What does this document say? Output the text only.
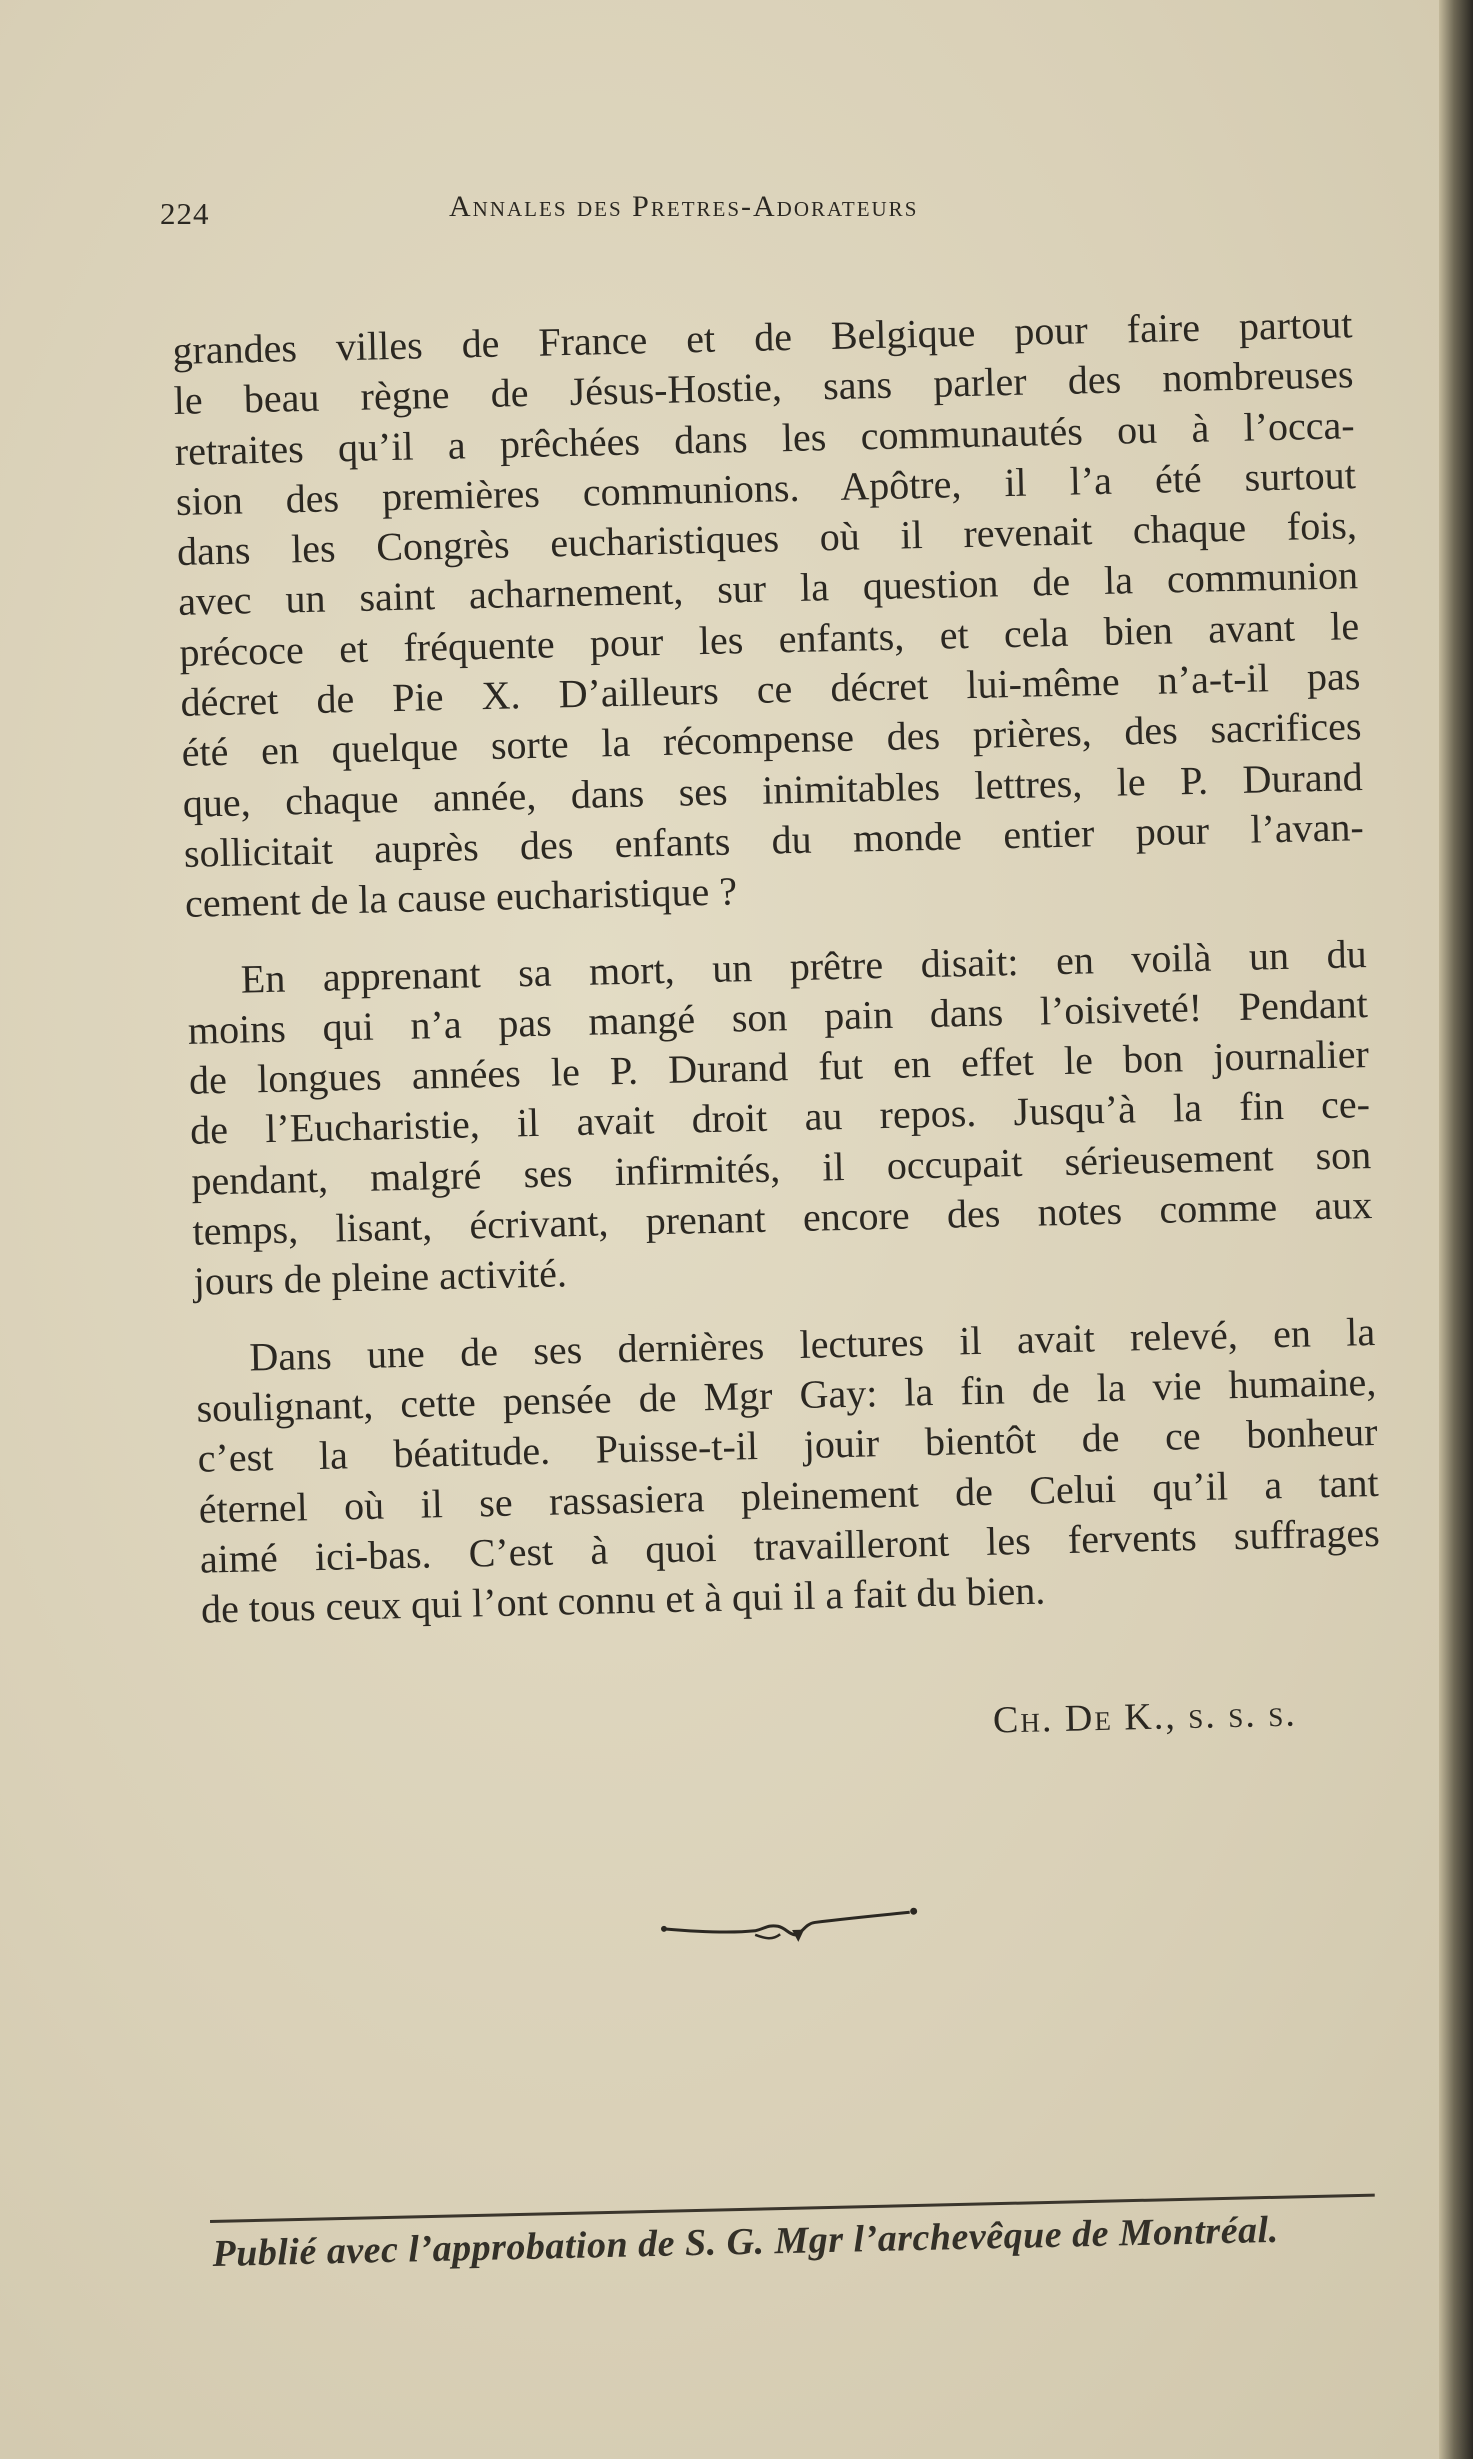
224	Annales des Pretres-Adorateurs
grandes villes de France et de Belgique pour faire partout
le beau règne de Jésus-Hostie, sans parler des nombreuses
retraites qu’il a prêchées dans les communautés ou à l’occa-
sion des premières communions. Apôtre, il l’a été surtout
dans les Congrès eucharistiques où il revenait chaque fois,
avec un saint acharnement, sur la question de la communion
précoce et fréquente pour les enfants, et cela bien avant le
décret de Pie X. D’ailleurs ce décret lui-même n’a-t-il pas
été en quelque sorte la récompense des prières, des sacrifices
que, chaque année, dans ses inimitables lettres, le P. Durand
sollicitait auprès des enfants du monde entier pour l’avan-
cement de la cause eucharistique ?
En apprenant sa mort, un prêtre disait: en voilà un du
moins qui n’a pas mangé son pain dans l’oisiveté! Pendant
de longues années le P. Durand fut en effet le bon journalier
de l’Eucharistie, il avait droit au repos. Jusqu’à la fin ce-
pendant, malgré ses infirmités, il occupait sérieusement son
temps, lisant, écrivant, prenant encore des notes comme aux
jours de pleine activité.
Dans une de ses dernières lectures il avait relevé, en la
soulignant, cette pensée de Mgr Gay: la fin de la vie humaine,
c’est la béatitude. Puisse-t-il jouir bientôt de ce bonheur
éternel où il se rassasiera pleinement de Celui qu’il a tant
aimé ici-bas. C’est à quoi travailleront les fervents suffrages
de tous ceux qui l’ont connu et à qui il a fait du bien.
Ch. De K., s. s. s.
Publié avec l’approbation de S. G. Mgr l’archevêque de Montréal.
